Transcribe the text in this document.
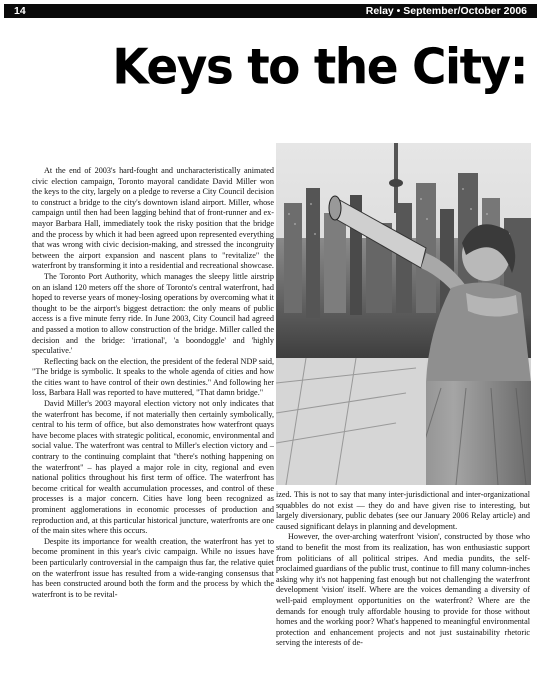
14	Relay • September/October 2006
Keys to the City:

At the end of 2003's hard-fought and uncharacteristically animated civic election campaign, Toronto mayoral candidate David Miller won the keys to the city, largely on a pledge to reverse a City Council decision to construct a bridge to the city's downtown island airport. Miller, whose campaign until then had been lagging behind that of front-runner and ex-mayor Barbara Hall, immediately took the risky position that the bridge and the process by which it had been agreed upon represented everything that was wrong with civic decision-making, and stressed the incongruity between the airport expansion and nascent plans to "revitalize" the waterfront by transforming it into a residential and recreational showcase.

The Toronto Port Authority, which manages the sleepy little airstrip on an island 120 meters off the shore of Toronto's central waterfront, had hoped to reverse years of money-losing operations by overcoming what it thought to be the airport's biggest detraction: the only means of public access is a five minute ferry ride. In June 2003, City Council had agreed and passed a motion to allow construction of the bridge. Miller called the decision and the bridge: 'irrational', 'a boondoggle' and 'highly speculative.'

Reflecting back on the election, the president of the federal NDP said, "The bridge is symbolic. It speaks to the whole agenda of cities and how the cities want to have control of their own destinies." And following her loss, Barbara Hall was reported to have muttered, "That damn bridge."

David Miller's 2003 mayoral election victory not only indicates that the waterfront has become, if not materially then certainly symbolically, central to his term of office, but also demonstrates how waterfront quays have become places with strategic political, economic, environmental and social value. The waterfront was central to Miller's election victory and – contrary to the continuing complaint that "there's nothing happening on the waterfront" – has played a major role in city, regional and even national politics throughout his first term of office. The waterfront has become critical for wealth accumulation processes, and control of these processes is a major concern. Cities have long been recognized as prominent agglomerations in economic processes of production and reproduction and, at this particular historical juncture, waterfronts are one of the main sites where this occurs.

Despite its importance for wealth creation, the waterfront has yet to become prominent in this year's civic campaign. While no issues have been particularly controversial in the campaign thus far, the relative quiet on the waterfront issue has resulted from a wide-ranging consensus that has been constructed around both the form and the process by which the waterfront is to be revital-

ized. This is not to say that many inter-jurisdictional and inter-organizational squabbles do not exist — they do and have given rise to interesting, but largely diversionary, public debates (see our January 2006 Relay article) and caused significant delays in planning and development.

However, the over-arching waterfront 'vision', constructed by those who stand to benefit the most from its realization, has won enthusiastic support from politicians of all political stripes. And media pundits, the self-proclaimed guardians of the public trust, continue to fill many column-inches asking why it's not happening fast enough but not challenging the waterfront development 'vision' itself. Where are the voices demanding a diversity of well-paid employment opportunities on the waterfront? Where are the demands for enough truly affordable housing to provide for those without homes and the working poor? What's happened to meaningful environmental protection and enhancement projects and not just sustainability rhetoric serving the interests of de-
